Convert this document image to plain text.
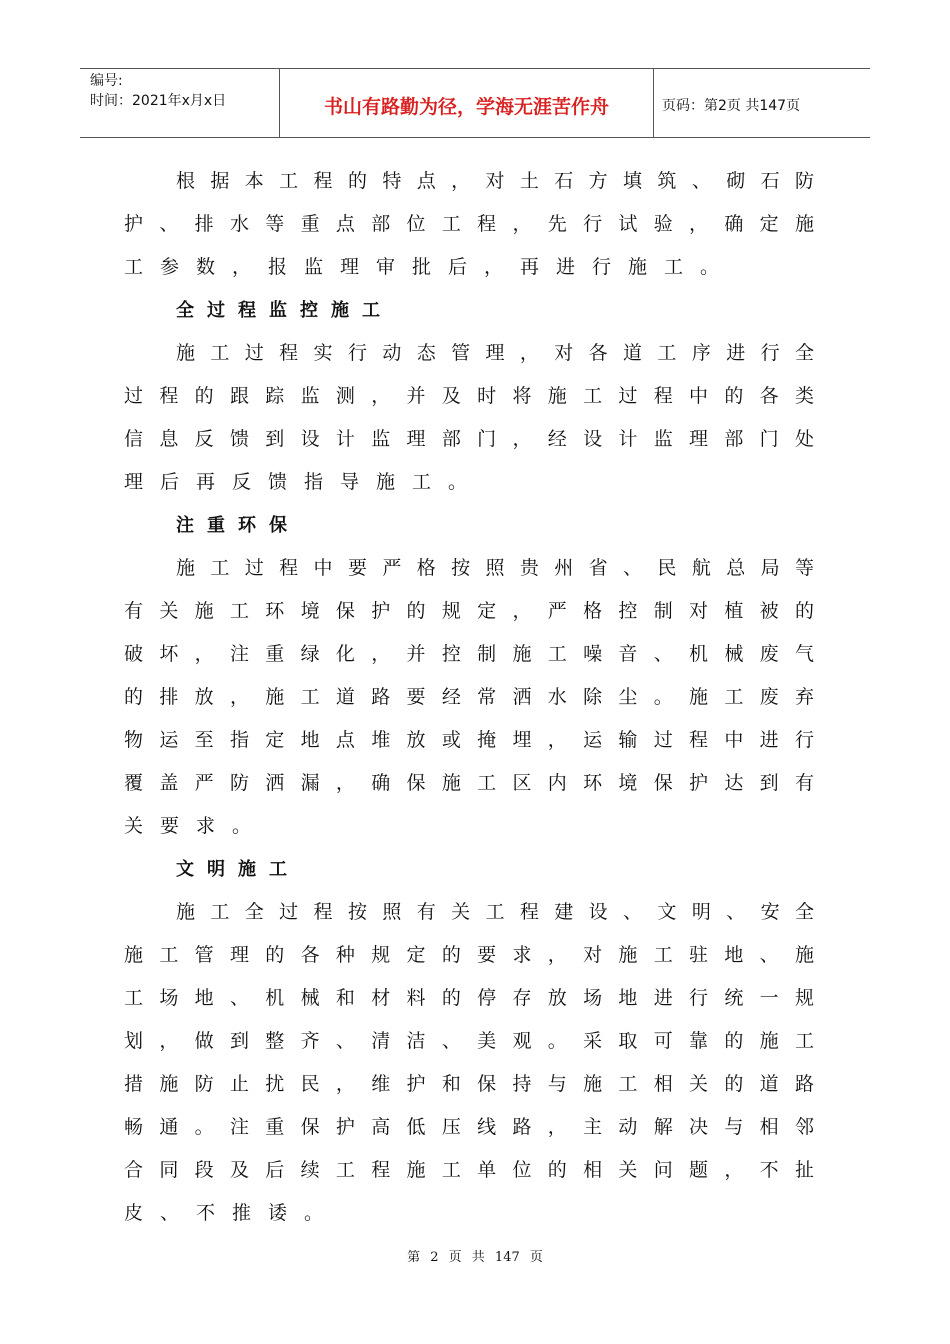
编号:
时间：2021年x月x日	书山有路勤为径，学海无涯苦作舟	页码：第2页 共147页
根据本工程的特点，对土石方填筑、砌石防
护、排水等重点部位工程，先行试验，确定施
工参数，报监理审批后，再进行施工。
全过程监控施工
施工过程实行动态管理，对各道工序进行全
过程的跟踪监测，并及时将施工过程中的各类
信息反馈到设计监理部门，经设计监理部门处
理后再反馈指导施工。
注重环保
施工过程中要严格按照贵州省、民航总局等
有关施工环境保护的规定，严格控制对植被的
破坏，注重绿化，并控制施工噪音、机械废气
的排放，施工道路要经常洒水除尘。施工废弃
物运至指定地点堆放或掩埋，运输过程中进行
覆盖严防洒漏，确保施工区内环境保护达到有
关要求。
文明施工
施工全过程按照有关工程建设、文明、安全
施工管理的各种规定的要求，对施工驻地、施
工场地、机械和材料的停存放场地进行统一规
划，做到整齐、清洁、美观。采取可靠的施工
措施防止扰民，维护和保持与施工相关的道路
畅通。注重保护高低压线路，主动解决与相邻
合同段及后续工程施工单位的相关问题，不扯
皮、不推诿。
第 2 页 共 147 页
